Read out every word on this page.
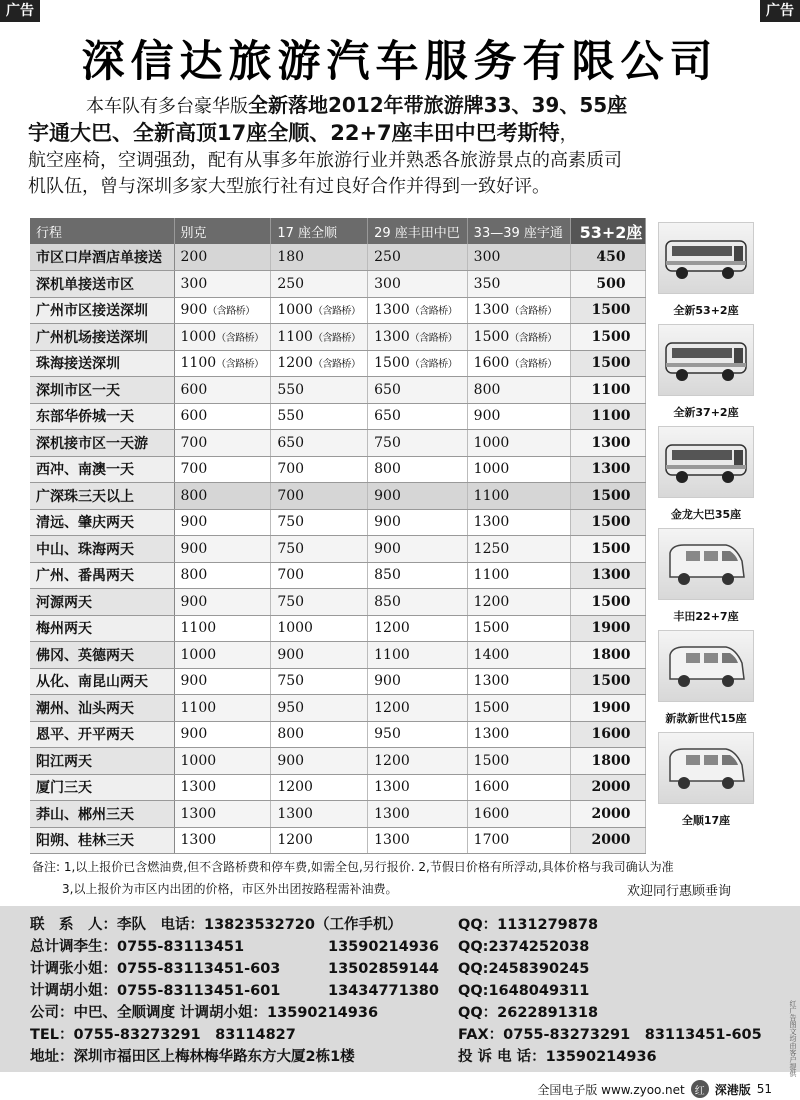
广告	广告
深信达旅游汽车服务有限公司
本车队有多台豪华版全新落地2012年带旅游牌33、39、55座
宇通大巴、全新高顶17座全顺、22+7座丰田中巴考斯特，
航空座椅，空调强劲，配有从事多年旅游行业并熟悉各旅游景点的高素质司
机队伍，曾与深圳多家大型旅行社有过良好合作并得到一致好评。
行程	别克	17 座全顺	29 座丰田中巴	33—39 座宇通	53+2座
市区口岸酒店单接送	200	180	250	300	450
深机单接送市区	300	250	300	350	500
广州市区接送深圳	900（含路桥）	1000（含路桥）	1300（含路桥）	1300（含路桥）	1500
广州机场接送深圳	1000（含路桥）	1100（含路桥）	1300（含路桥）	1500（含路桥）	1500
珠海接送深圳	1100（含路桥）	1200（含路桥）	1500（含路桥）	1600（含路桥）	1500
深圳市区一天	600	550	650	800	1100
东部华侨城一天	600	550	650	900	1100
深机接市区一天游	700	650	750	1000	1300
西冲、南澳一天	700	700	800	1000	1300
广深珠三天以上	800	700	900	1100	1500
清远、肇庆两天	900	750	900	1300	1500
中山、珠海两天	900	750	900	1250	1500
广州、番禺两天	800	700	850	1100	1300
河源两天	900	750	850	1200	1500
梅州两天	1100	1000	1200	1500	1900
佛冈、英德两天	1000	900	1100	1400	1800
从化、南昆山两天	900	750	900	1300	1500
潮州、汕头两天	1100	950	1200	1500	1900
恩平、开平两天	900	800	950	1300	1600
阳江两天	1000	900	1200	1500	1800
厦门三天	1300	1200	1300	1600	2000
莽山、郴州三天	1300	1300	1300	1600	2000
阳朔、桂林三天	1300	1200	1300	1700	2000
全新53+2座
全新37+2座
金龙大巴35座
丰田22+7座
新款新世代15座
全顺17座
备注: 1,以上报价已含燃油费,但不含路桥费和停车费,如需全包,另行报价. 2,节假日价格有所浮动,具体价格与我司确认为准
3,以上报价为市区内出团的价格，市区外出团按路程需补油费。	欢迎同行惠顾垂询
联　系　人：李队　电话：13823532720（工作手机）	QQ：1131279878
总计调李生：0755-83113451	13590214936	QQ:2374252038
计调张小姐：0755-83113451-603	13502859144	QQ:2458390245
计调胡小姐：0755-83113451-601	13434771380	QQ:1648049311
公司：中巴、全顺调度 计调胡小姐：13590214936	QQ：2622891318
TEL：0755-83273291　83114827	FAX：0755-83273291　83113451-605
地址：深圳市福田区上梅林梅华路东方大厦2栋1楼	投 诉 电 话：13590214936	红广告图文均由客户提供
全国电子版 www.zyoo.net	红 深港版 51
